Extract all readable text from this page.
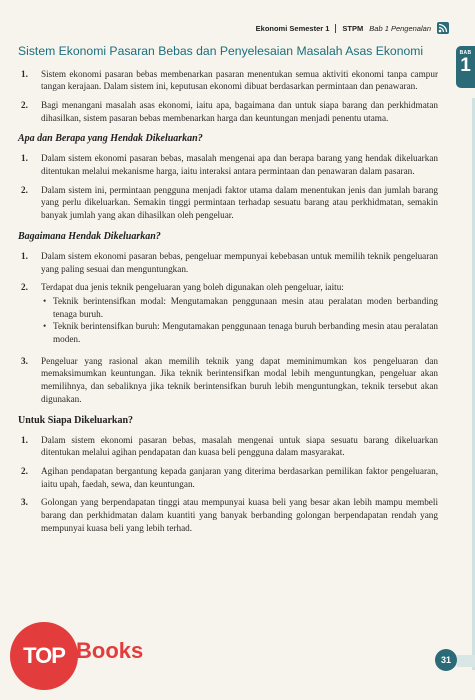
Ekonomi Semester 1 STPM Bab 1 Pengenalan
BAB
1
Sistem Ekonomi Pasaran Bebas dan Penyelesaian Masalah Asas Ekonomi
1.	Sistem ekonomi pasaran bebas membenarkan pasaran menentukan semua aktiviti ekonomi tanpa campur tangan kerajaan. Dalam sistem ini, keputusan ekonomi dibuat berdasarkan permintaan dan penawaran.
2.	Bagi menangani masalah asas ekonomi, iaitu apa, bagaimana dan untuk siapa barang dan perkhidmatan dihasilkan, sistem pasaran bebas membenarkan harga dan keuntungan menjadi penentu utama.
Apa dan Berapa yang Hendak Dikeluarkan?
1.	Dalam sistem ekonomi pasaran bebas, masalah mengenai apa dan berapa barang yang hendak dikeluarkan ditentukan melalui mekanisme harga, iaitu interaksi antara permintaan dan penawaran dalam pasaran.
2.	Dalam sistem ini, permintaan pengguna menjadi faktor utama dalam menentukan jenis dan jumlah barang yang perlu dikeluarkan. Semakin tinggi permintaan terhadap sesuatu barang atau perkhidmatan, semakin banyak jumlah yang akan dihasilkan oleh pengeluar.
Bagaimana Hendak Dikeluarkan?
1.	Dalam sistem ekonomi pasaran bebas, pengeluar mempunyai kebebasan untuk memilih teknik pengeluaran yang paling sesuai dan menguntungkan.
2.	Terdapat dua jenis teknik pengeluaran yang boleh digunakan oleh pengeluar, iaitu:
• Teknik berintensifkan modal: Mengutamakan penggunaan mesin atau peralatan moden berbanding tenaga buruh.
• Teknik berintensifkan buruh: Mengutamakan penggunaan tenaga buruh berbanding mesin atau peralatan moden.
3.	Pengeluar yang rasional akan memilih teknik yang dapat meminimumkan kos pengeluaran dan memaksimumkan keuntungan. Jika teknik berintensifkan modal lebih menguntungkan, pengeluar akan memilihnya, dan sebaliknya jika teknik berintensifkan buruh lebih menguntungkan, teknik tersebut akan digunakan.
Untuk Siapa Dikeluarkan?
1.	Dalam sistem ekonomi pasaran bebas, masalah mengenai untuk siapa sesuatu barang dikeluarkan ditentukan melalui agihan pendapatan dan kuasa beli pengguna dalam masyarakat.
2.	Agihan pendapatan bergantung kepada ganjaran yang diterima berdasarkan pemilikan faktor pengeluaran, iaitu upah, faedah, sewa, dan keuntungan.
3.	Golongan yang berpendapatan tinggi atau mempunyai kuasa beli yang besar akan lebih mampu membeli barang dan perkhidmatan dalam kuantiti yang banyak berbanding golongan berpendapatan rendah yang mempunyai kuasa beli yang lebih terhad.
TOP Books	31
